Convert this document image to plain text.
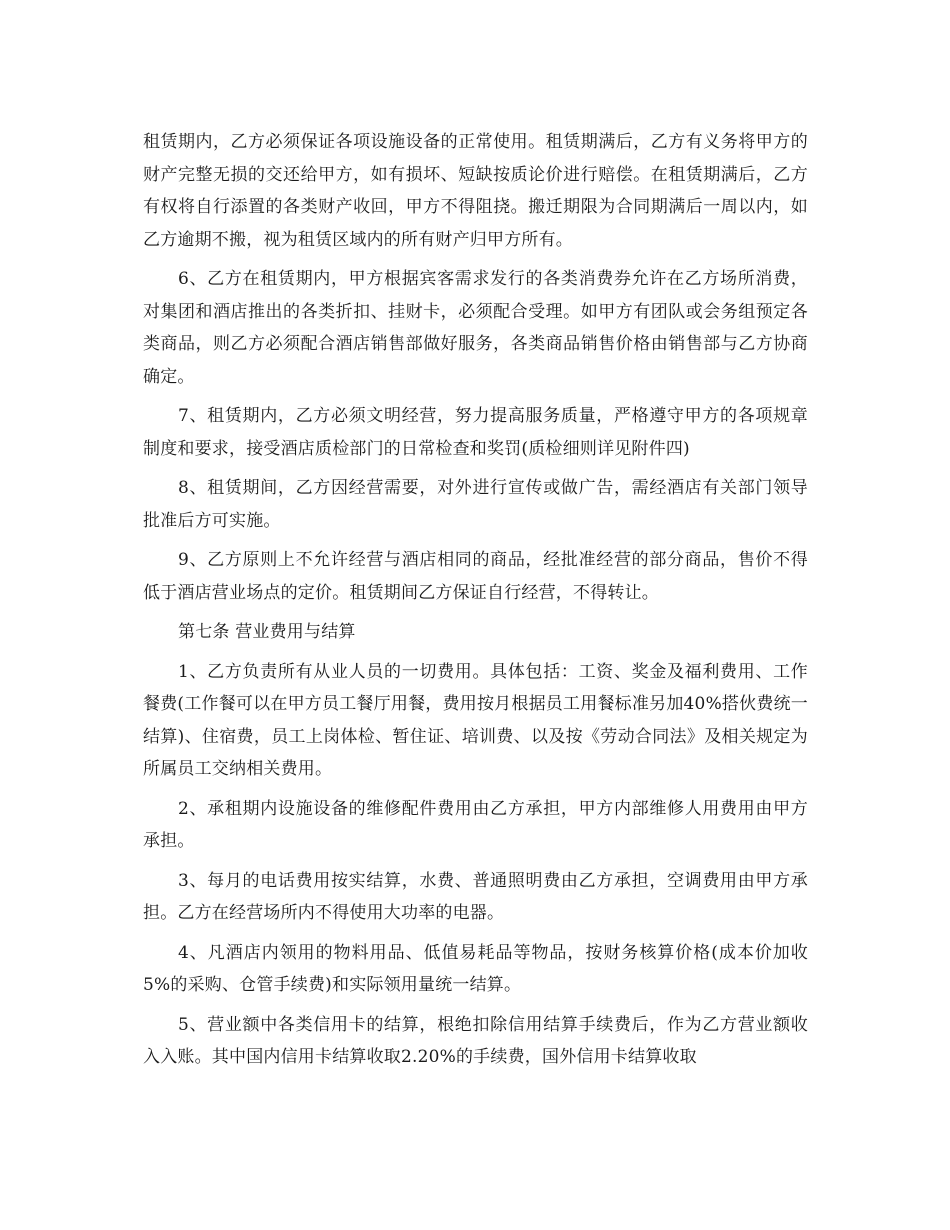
租赁期内，乙方必须保证各项设施设备的正常使用。租赁期满后，乙方有义务将甲方的财产完整无损的交还给甲方，如有损坏、短缺按质论价进行赔偿。在租赁期满后，乙方有权将自行添置的各类财产收回，甲方不得阻挠。搬迁期限为合同期满后一周以内，如乙方逾期不搬，视为租赁区域内的所有财产归甲方所有。

6、乙方在租赁期内，甲方根据宾客需求发行的各类消费券允许在乙方场所消费，对集团和酒店推出的各类折扣、挂财卡，必须配合受理。如甲方有团队或会务组预定各类商品，则乙方必须配合酒店销售部做好服务，各类商品销售价格由销售部与乙方协商确定。

7、租赁期内，乙方必须文明经营，努力提高服务质量，严格遵守甲方的各项规章制度和要求，接受酒店质检部门的日常检查和奖罚(质检细则详见附件四)

8、租赁期间，乙方因经营需要，对外进行宣传或做广告，需经酒店有关部门领导批准后方可实施。

9、乙方原则上不允许经营与酒店相同的商品，经批准经营的部分商品，售价不得低于酒店营业场点的定价。租赁期间乙方保证自行经营，不得转让。

第七条 营业费用与结算

1、乙方负责所有从业人员的一切费用。具体包括：工资、奖金及福利费用、工作餐费(工作餐可以在甲方员工餐厅用餐，费用按月根据员工用餐标准另加40%搭伙费统一结算)、住宿费，员工上岗体检、暂住证、培训费、以及按《劳动合同法》及相关规定为所属员工交纳相关费用。

2、承租期内设施设备的维修配件费用由乙方承担，甲方内部维修人用费用由甲方承担。

3、每月的电话费用按实结算，水费、普通照明费由乙方承担，空调费用由甲方承担。乙方在经营场所内不得使用大功率的电器。

4、凡酒店内领用的物料用品、低值易耗品等物品，按财务核算价格(成本价加收5%的采购、仓管手续费)和实际领用量统一结算。

5、营业额中各类信用卡的结算，根绝扣除信用结算手续费后，作为乙方营业额收入入账。其中国内信用卡结算收取2.20%的手续费，国外信用卡结算收取
